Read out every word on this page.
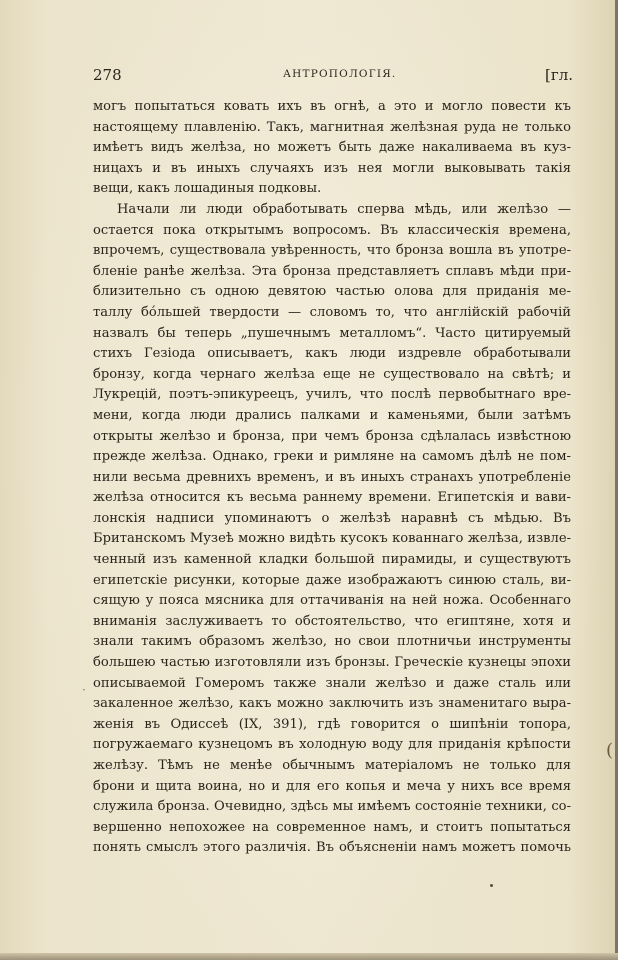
278	АНТРОПОЛОГІЯ.	[гл.
могъ попытаться ковать ихъ въ огнѣ, а это и могло повести къ
настоящему плавленію. Такъ, магнитная желѣзная руда не только
имѣетъ видъ желѣза, но можетъ быть даже накаливаема въ куз-
ницахъ и въ иныхъ случаяхъ изъ нея могли выковывать такія
вещи, какъ лошадиныя подковы.
Начали ли люди обработывать сперва мѣдь, или желѣзо —
остается пока открытымъ вопросомъ. Въ классическія времена,
впрочемъ, существовала увѣренность, что бронза вошла въ употре-
бленіе ранѣе желѣза. Эта бронза представляетъ сплавъ мѣди при-
близительно съ одною девятою частью олова для приданія ме-
таллу бо́льшей твердости — словомъ то, что англійскій рабочій
назвалъ бы теперь „пушечнымъ металломъ“. Часто цитируемый
стихъ Гезіода описываетъ, какъ люди издревле обработывали
бронзу, когда чернаго желѣза еще не существовало на свѣтѣ; и
Лукрецій, поэтъ-эпикуреецъ, училъ, что послѣ первобытнаго вре-
мени, когда люди дрались палками и каменьями, были затѣмъ
открыты желѣзо и бронза, при чемъ бронза сдѣлалась извѣстною
прежде желѣза. Однако, греки и римляне на самомъ дѣлѣ не пом-
нили весьма древнихъ временъ, и въ иныхъ странахъ употребленіе
желѣза относится къ весьма раннему времени. Египетскія и вави-
лонскія надписи упоминаютъ о желѣзѣ наравнѣ съ мѣдью. Въ
Британскомъ Музеѣ можно видѣть кусокъ кованнаго желѣза, извле-
ченный изъ каменной кладки большой пирамиды, и существуютъ
египетскіе рисунки, которые даже изображаютъ синюю сталь, ви-
сящую у пояса мясника для оттачиванія на ней ножа. Особеннаго
вниманія заслуживаетъ то обстоятельство, что египтяне, хотя и
знали такимъ образомъ желѣзо, но свои плотничьи инструменты
большею частью изготовляли изъ бронзы. Греческіе кузнецы эпохи
описываемой Гомеромъ также знали желѣзо и даже сталь или
закаленное желѣзо, какъ можно заключить изъ знаменитаго выра-
женія въ Одиссеѣ (IX, 391), гдѣ говорится о шипѣніи топора,
погружаемаго кузнецомъ въ холодную воду для приданія крѣпости
желѣзу. Тѣмъ не менѣе обычнымъ матеріаломъ не только для
брони и щита воина, но и для его копья и меча у нихъ все время
служила бронза. Очевидно, здѣсь мы имѣемъ состояніе техники, со-
вершенно непохожее на современное намъ, и стоитъ попытаться
понять смыслъ этого различія. Въ объясненіи намъ можетъ помочь
·
(
